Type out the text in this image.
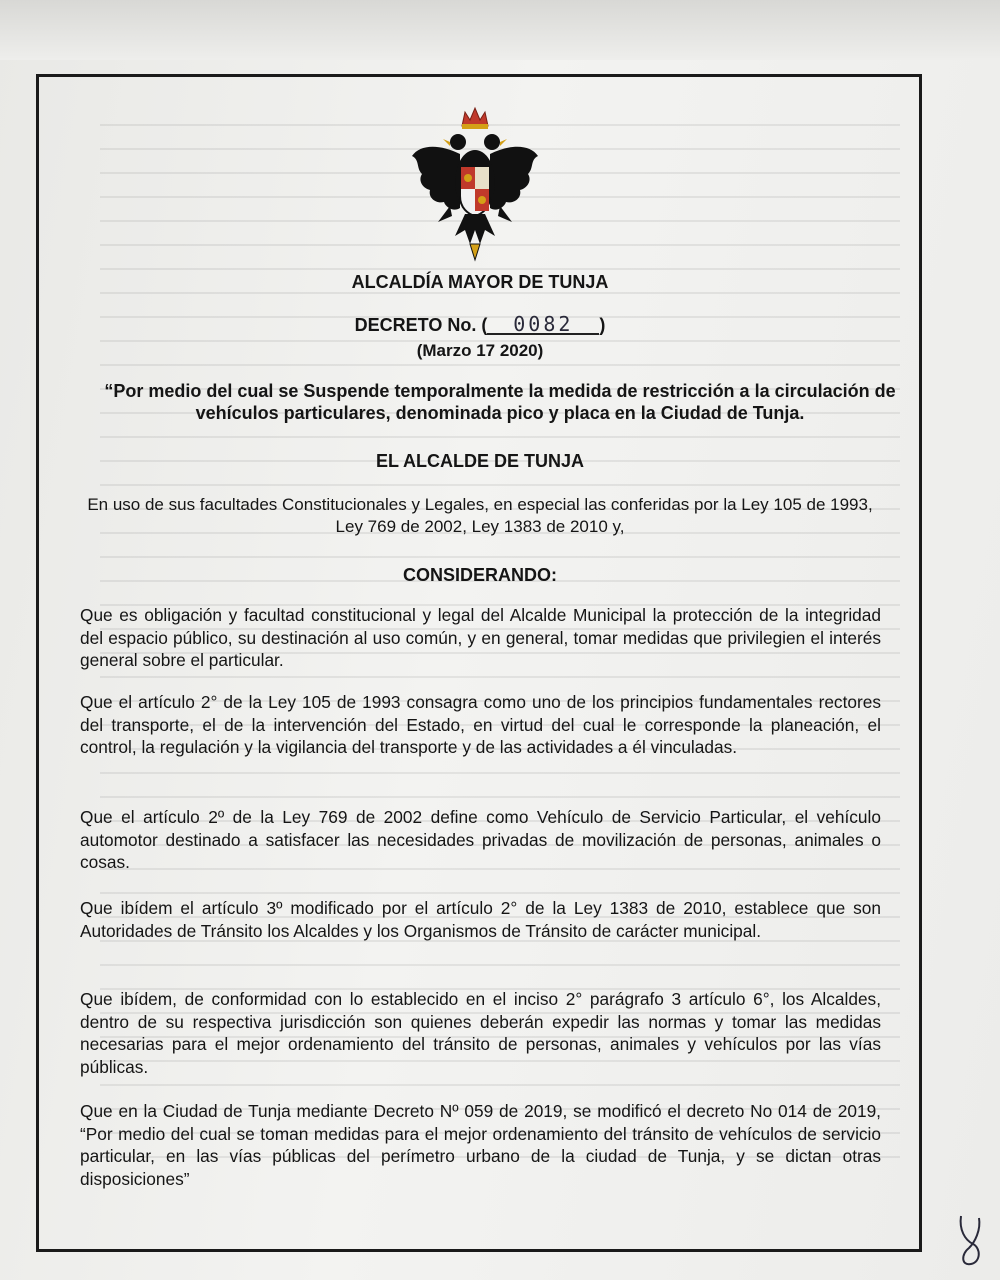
ALCALDÍA MAYOR DE TUNJA
DECRETO No. ( 0082 )
(Marzo 17 2020)
“Por medio del cual se Suspende temporalmente la medida de restricción a la circulación de vehículos particulares, denominada pico y placa en la Ciudad de Tunja.
EL ALCALDE DE TUNJA
En uso de sus facultades Constitucionales y Legales, en especial las conferidas por la Ley 105 de 1993, Ley 769 de 2002, Ley 1383 de 2010 y,
CONSIDERANDO:
Que es obligación y facultad constitucional y legal del Alcalde Municipal la protección de la integridad del espacio público, su destinación al uso común, y en general, tomar medidas que privilegien el interés general sobre el particular.
Que el artículo 2° de la Ley 105 de 1993 consagra como uno de los principios fundamentales rectores del transporte, el de la intervención del Estado, en virtud del cual le corresponde la planeación, el control, la regulación y la vigilancia del transporte y de las actividades a él vinculadas.
Que el artículo 2º de la Ley 769 de 2002 define como Vehículo de Servicio Particular, el vehículo automotor destinado a satisfacer las necesidades privadas de movilización de personas, animales o cosas.
Que ibídem el artículo 3º modificado por el artículo 2° de la Ley 1383 de 2010, establece que son Autoridades de Tránsito los Alcaldes y los Organismos de Tránsito de carácter municipal.
Que ibídem, de conformidad con lo establecido en el inciso 2° parágrafo 3 artículo 6°, los Alcaldes, dentro de su respectiva jurisdicción son quienes deberán expedir las normas y tomar las medidas necesarias para el mejor ordenamiento del tránsito de personas, animales y vehículos por las vías públicas.
Que en la Ciudad de Tunja mediante Decreto Nº 059 de 2019, se modificó el decreto No 014 de 2019, “Por medio del cual se toman medidas para el mejor ordenamiento del tránsito de vehículos de servicio particular, en las vías públicas del perímetro urbano de la ciudad de Tunja, y se dictan otras disposiciones”
